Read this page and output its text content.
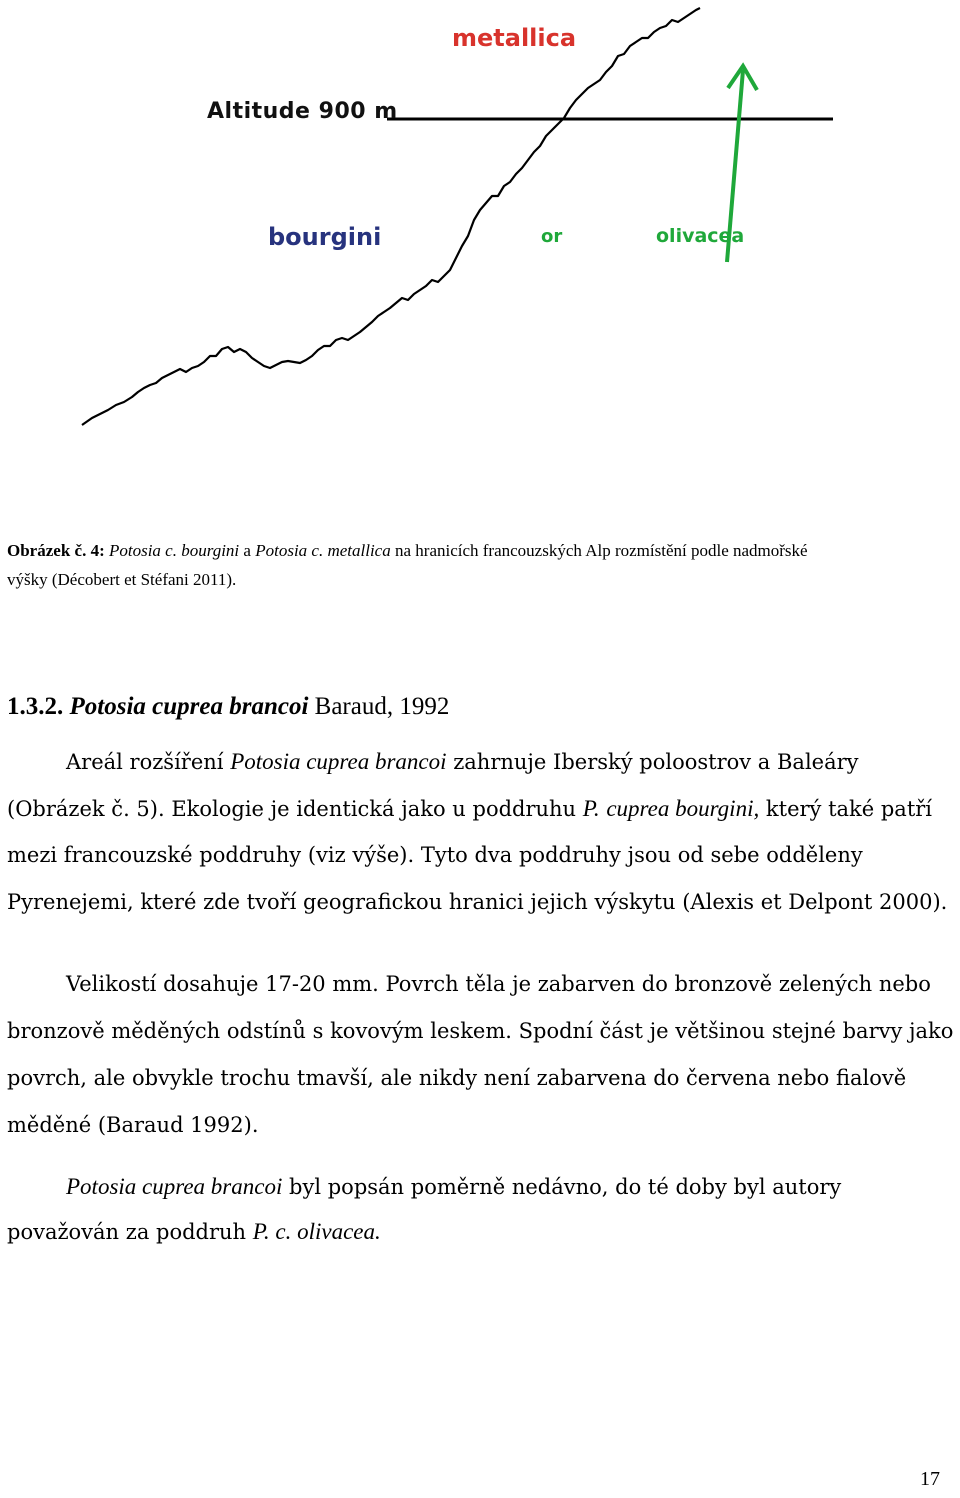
metallica
Altitude 900 m
bourgini	or	olivacea
Obrázek č. 4: Potosia c. bourgini a Potosia c. metallica na hranicích francouzských Alp rozmístění podle nadmořské
výšky (Décobert et Stéfani 2011).
1.3.2. Potosia cuprea brancoi Baraud, 1992
Areál rozšíření Potosia cuprea brancoi zahrnuje Iberský poloostrov a Baleáry
(Obrázek č. 5). Ekologie je identická jako u poddruhu P. cuprea bourgini, který také patří
mezi francouzské poddruhy (viz výše). Tyto dva poddruhy jsou od sebe odděleny
Pyrenejemi, které zde tvoří geografickou hranici jejich výskytu (Alexis et Delpont 2000).
Velikostí dosahuje 17-20 mm. Povrch těla je zabarven do bronzově zelených nebo
bronzově měděných odstínů s kovovým leskem. Spodní část je většinou stejné barvy jako
povrch, ale obvykle trochu tmavší, ale nikdy není zabarvena do červena nebo fialově
měděné (Baraud 1992).
Potosia cuprea brancoi byl popsán poměrně nedávno, do té doby byl autory
považován za poddruh P. c. olivacea.
17
